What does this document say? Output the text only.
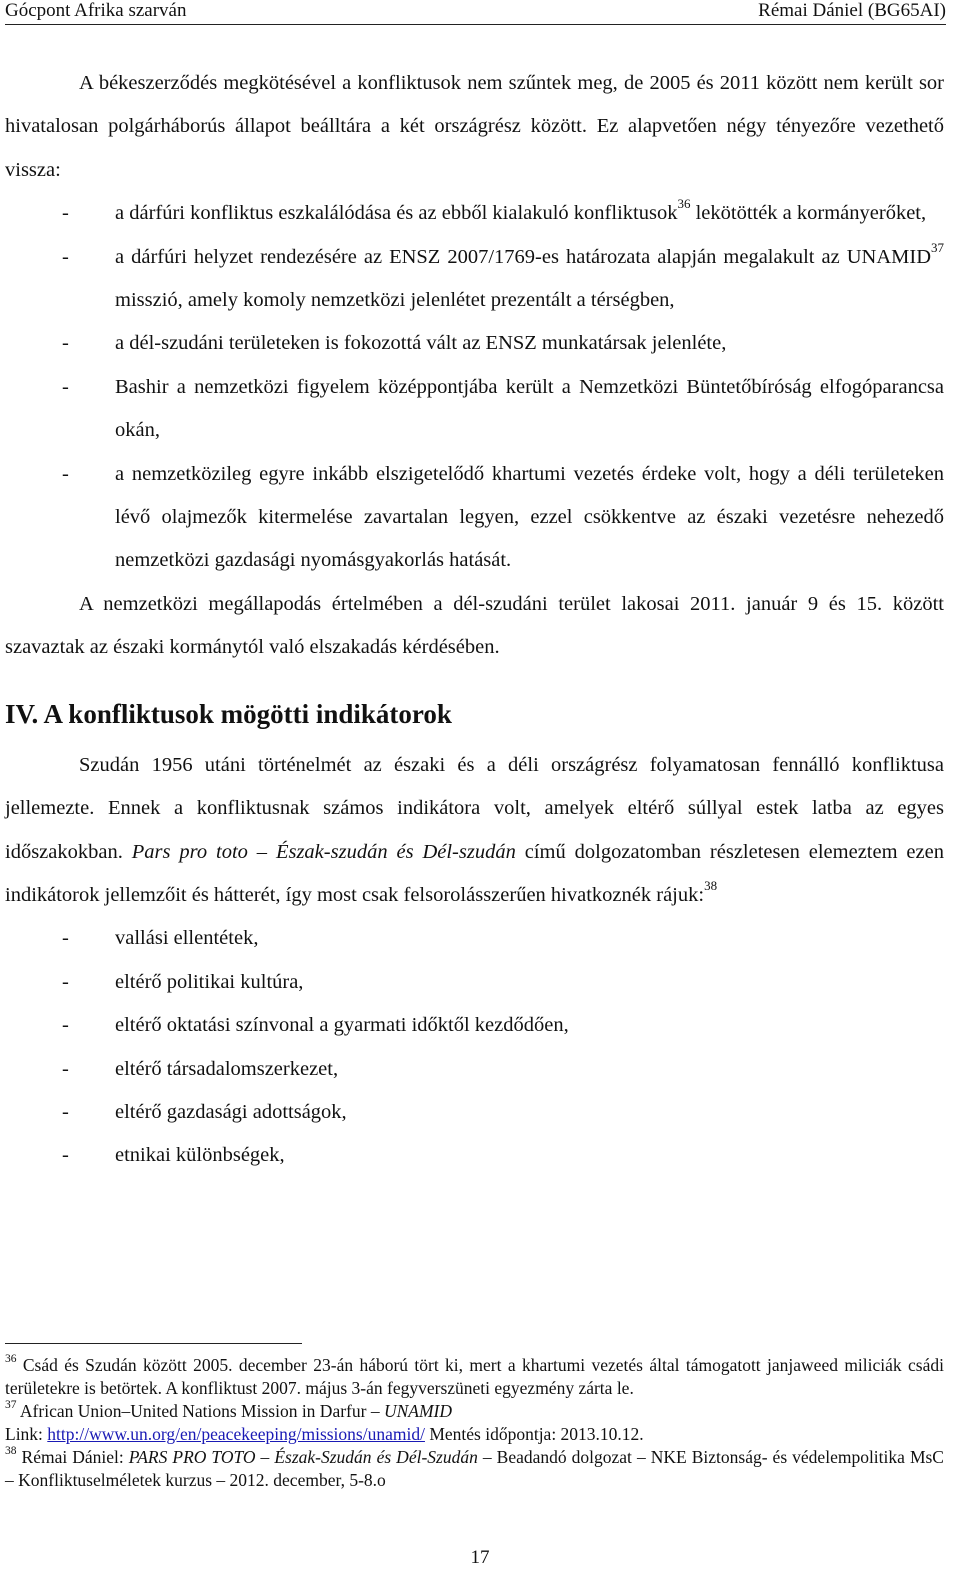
Gócpont Afrika szarván	Rémai Dániel (BG65AI)

A békeszerződés megkötésével a konfliktusok nem szűntek meg, de 2005 és 2011 között nem került sor hivatalosan polgárháborús állapot beálltára a két országrész között. Ez alapvetően négy tényezőre vezethető vissza:

- a dárfúri konfliktus eszkalálódása és az ebből kialakuló konfliktusok$^{36}$ lekötötték a kormányerőket,
- a dárfúri helyzet rendezésére az ENSZ 2007/1769-es határozata alapján megalakult az UNAMID$^{37}$ misszió, amely komoly nemzetközi jelenlétet prezentált a térségben,
- a dél-szudáni területeken is fokozottá vált az ENSZ munkatársak jelenléte,
- Bashir a nemzetközi figyelem középpontjába került a Nemzetközi Büntetőbíróság elfogóparancsa okán,
- a nemzetközileg egyre inkább elszigetelődő khartumi vezetés érdeke volt, hogy a déli területeken lévő olajmezők kitermelése zavartalan legyen, ezzel csökkentve az északi vezetésre nehezedő nemzetközi gazdasági nyomásgyakorlás hatását.

A nemzetközi megállapodás értelmében a dél-szudáni terület lakosai 2011. január 9 és 15. között szavaztak az északi kormánytól való elszakadás kérdésében.

IV. A konfliktusok mögötti indikátorok

Szudán 1956 utáni történelmét az északi és a déli országrész folyamatosan fennálló konfliktusa jellemezte. Ennek a konfliktusnak számos indikátora volt, amelyek eltérő súllyal estek latba az egyes időszakokban. Pars pro toto – Észak-szudán és Dél-szudán című dolgozatomban részletesen elemeztem ezen indikátorok jellemzőit és hátterét, így most csak felsorolásszerűen hivatkoznék rájuk:$^{38}$

- vallási ellentétek,
- eltérő politikai kultúra,
- eltérő oktatási színvonal a gyarmati időktől kezdődően,
- eltérő társadalomszerkezet,
- eltérő gazdasági adottságok,
- etnikai különbségek,
$^{36}$ Csád és Szudán között 2005. december 23-án háború tört ki, mert a khartumi vezetés által támogatott janjaweed miliciák csádi területekre is betörtek. A konfliktust 2007. május 3-án fegyverszüneti egyezmény zárta le.
$^{37}$ African Union–United Nations Mission in Darfur – UNAMID
Link: http://www.un.org/en/peacekeeping/missions/unamid/ Mentés időpontja: 2013.10.12.
$^{38}$ Rémai Dániel: PARS PRO TOTO – Észak-Szudán és Dél-Szudán – Beadandó dolgozat – NKE Biztonság- és védelempolitika MsC – Konfliktuselméletek kurzus – 2012. december, 5-8.o
17
